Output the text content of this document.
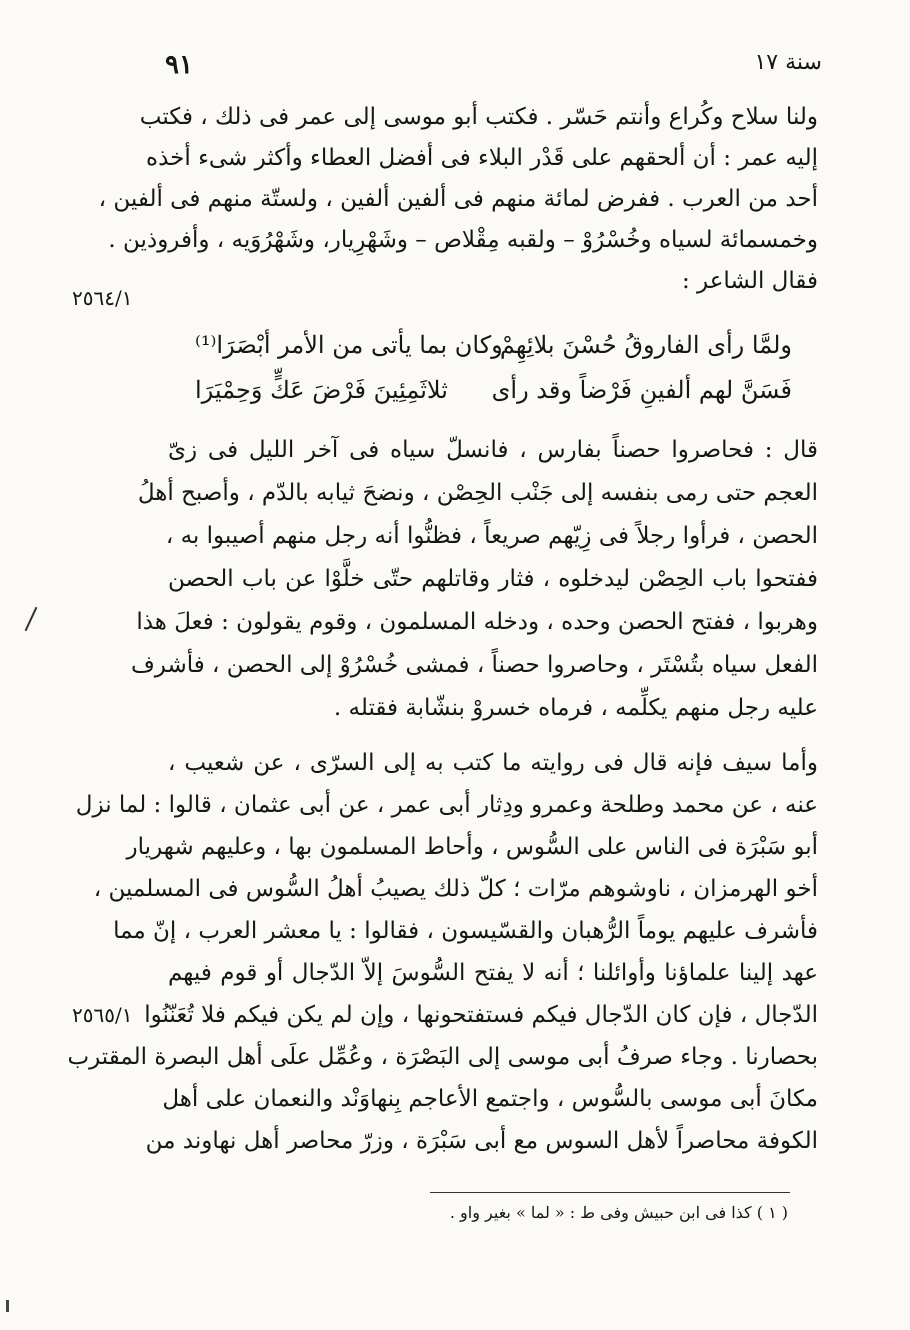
سنة ١٧
٩١
ولنا سلاح وكُراع وأنتم حَسّر . فكتب أبو موسى إلى عمر فى ذلك ، فكتب
إليه عمر : أن ألحقهم على قَدْر البلاء فى أفضل العطاء وأكثر شىء أخذه
أحد من العرب . ففرض لمائة منهم فى ألفين ألفين ، ولستّة منهم فى ألفين ،
وخمسمائة لسياه وخُسْرُوْ – ولقبه مِقْلاص – وشَهْرِيار، وشَهْرُوَيه ، وأفروذين .
فقال الشاعر :
٢٥٦٤/١
ولمَّا رأى الفاروقُ حُسْنَ بلائِهِمْ
وكان بما يأتى من الأمر أبْصَرَا⁽¹⁾
فَسَنَّ لهم ألفينِ فَرْضاً وقد رأى
ثلاثَمِئِينَ فَرْضَ عَكٍّ وَحِمْيَرَا
قال : فحاصروا حصناً بفارس ، فانسلّ سياه فى آخر الليل فى زىّ
العجم حتى رمى بنفسه إلى جَنْب الحِصْن ، ونضحَ ثيابه بالدّم ، وأصبح أهلُ
الحصن ، فرأوا رجلاً فى زِيّهم صريعاً ، فظنُّوا أنه رجل منهم أصيبوا به ،
ففتحوا باب الحِصْن ليدخلوه ، فثار وقاتلهم حتّى خلَّوْا عن باب الحصن
وهربوا ، ففتح الحصن وحده ، ودخله المسلمون ، وقوم يقولون : فعلَ هذا
الفعل سياه بتُسْتَر ، وحاصروا حصناً ، فمشى خُسْرُوْ إلى الحصن ، فأشرف
عليه رجل منهم يكلِّمه ، فرماه خسروْ بنشّابة فقتله .
وأما سيف فإنه قال فى روايته ما كتب به إلى السرّى ، عن شعيب ،
عنه ، عن محمد وطلحة وعمرو ودِثار أبى عمر ، عن أبى عثمان ، قالوا : لما نزل
أبو سَبْرَة فى الناس على السُّوس ، وأحاط المسلمون بها ، وعليهم شهريار
أخو الهرمزان ، ناوشوهم مرّات ؛ كلّ ذلك يصيبُ أهلُ السُّوس فى المسلمين ،
فأشرف عليهم يوماً الرُّهبان والقسّيسون ، فقالوا : يا معشر العرب ، إنّ مما
عهد إلينا علماؤنا وأوائلنا ؛ أنه لا يفتح السُّوسَ إلاّ الدّجال أو قوم فيهم
الدّجال ، فإن كان الدّجال فيكم فستفتحونها ، وإن لم يكن فيكم فلا تُعَنّنُوا
٢٥٦٥/١
بحصارنا . وجاء صرفُ أبى موسى إلى البَصْرَة ، وعُمِّل علَى أهل البصرة المقترب
مكانَ أبى موسى بالسُّوس ، واجتمع الأعاجم بِنهاوَنْد والنعمان على أهل
الكوفة محاصراً لأهل السوس مع أبى سَبْرَة ، وزرّ محاصر أهل نهاوند من
( ١ ) كذا فى ابن حبيش وفى ط : « لما » بغير واو .
